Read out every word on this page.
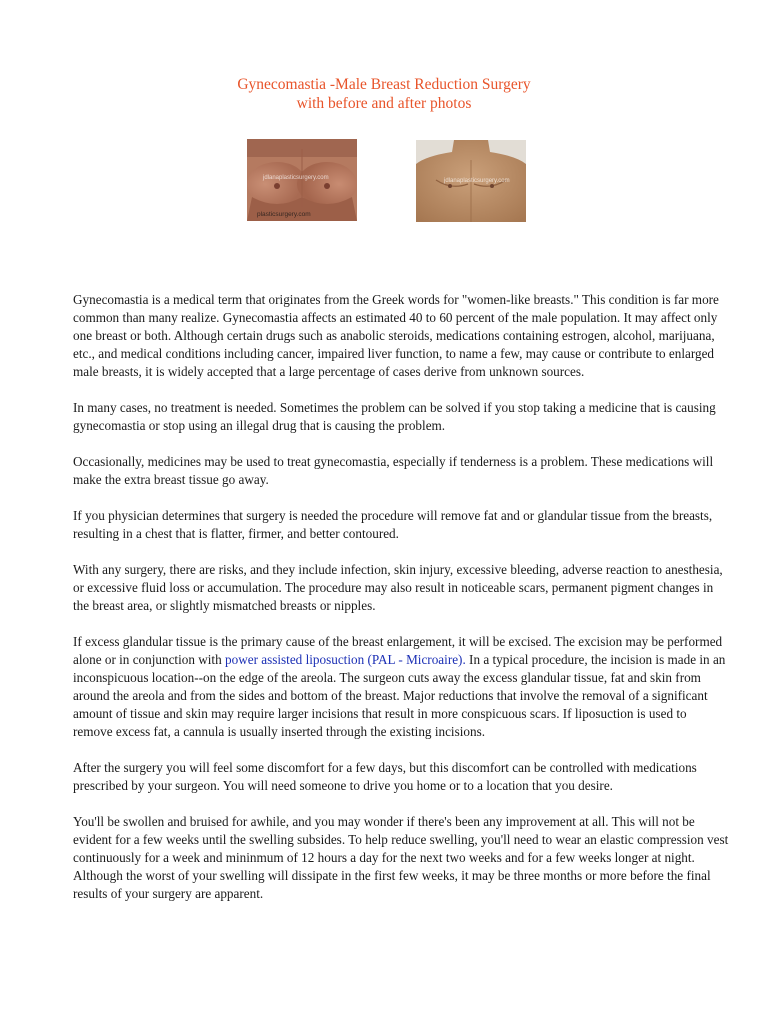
Gynecomastia -Male Breast Reduction Surgery
with before and after photos
jdlanaplasticsurgery.com
plasticsurgery.com
jdlanaplasticsurgery.com

Gynecomastia is a medical term that originates from the Greek words for "women-like breasts." This condition is far more common than many realize. Gynecomastia affects an estimated 40 to 60 percent of the male population. It may affect only one breast or both. Although certain drugs such as anabolic steroids, medications containing estrogen, alcohol, marijuana, etc., and medical conditions including cancer, impaired liver function, to name a few, may cause or contribute to enlarged male breasts, it is widely accepted that a large percentage of cases derive from unknown sources.

In many cases, no treatment is needed. Sometimes the problem can be solved if you stop taking a medicine that is causing gynecomastia or stop using an illegal drug that is causing the problem.

Occasionally, medicines may be used to treat gynecomastia, especially if tenderness is a problem. These medications will make the extra breast tissue go away.

If you physician determines that surgery is needed the procedure will remove fat and or glandular tissue from the breasts, resulting in a chest that is flatter, firmer, and better contoured.

With any surgery, there are risks, and they include infection, skin injury, excessive bleeding, adverse reaction to anesthesia, or excessive fluid loss or accumulation. The procedure may also result in noticeable scars, permanent pigment changes in the breast area, or slightly mismatched breasts or nipples.

If excess glandular tissue is the primary cause of the breast enlargement, it will be excised. The excision may be performed alone or in conjunction with power assisted liposuction (PAL - Microaire). In a typical procedure, the incision is made in an inconspicuous location--on the edge of the areola. The surgeon cuts away the excess glandular tissue, fat and skin from around the areola and from the sides and bottom of the breast. Major reductions that involve the removal of a significant amount of tissue and skin may require larger incisions that result in more conspicuous scars. If liposuction is used to remove excess fat, a cannula is usually inserted through the existing incisions.

After the surgery you will feel some discomfort for a few days, but this discomfort can be controlled with medications prescribed by your surgeon. You will need someone to drive you home or to a location that you desire.

You'll be swollen and bruised for awhile, and you may wonder if there's been any improvement at all. This will not be evident for a few weeks until the swelling subsides. To help reduce swelling, you'll need to wear an elastic compression vest continuously for a week and mininmum of 12 hours a day for the next two weeks and for a few weeks longer at night. Although the worst of your swelling will dissipate in the first few weeks, it may be three months or more before the final results of your surgery are apparent.
